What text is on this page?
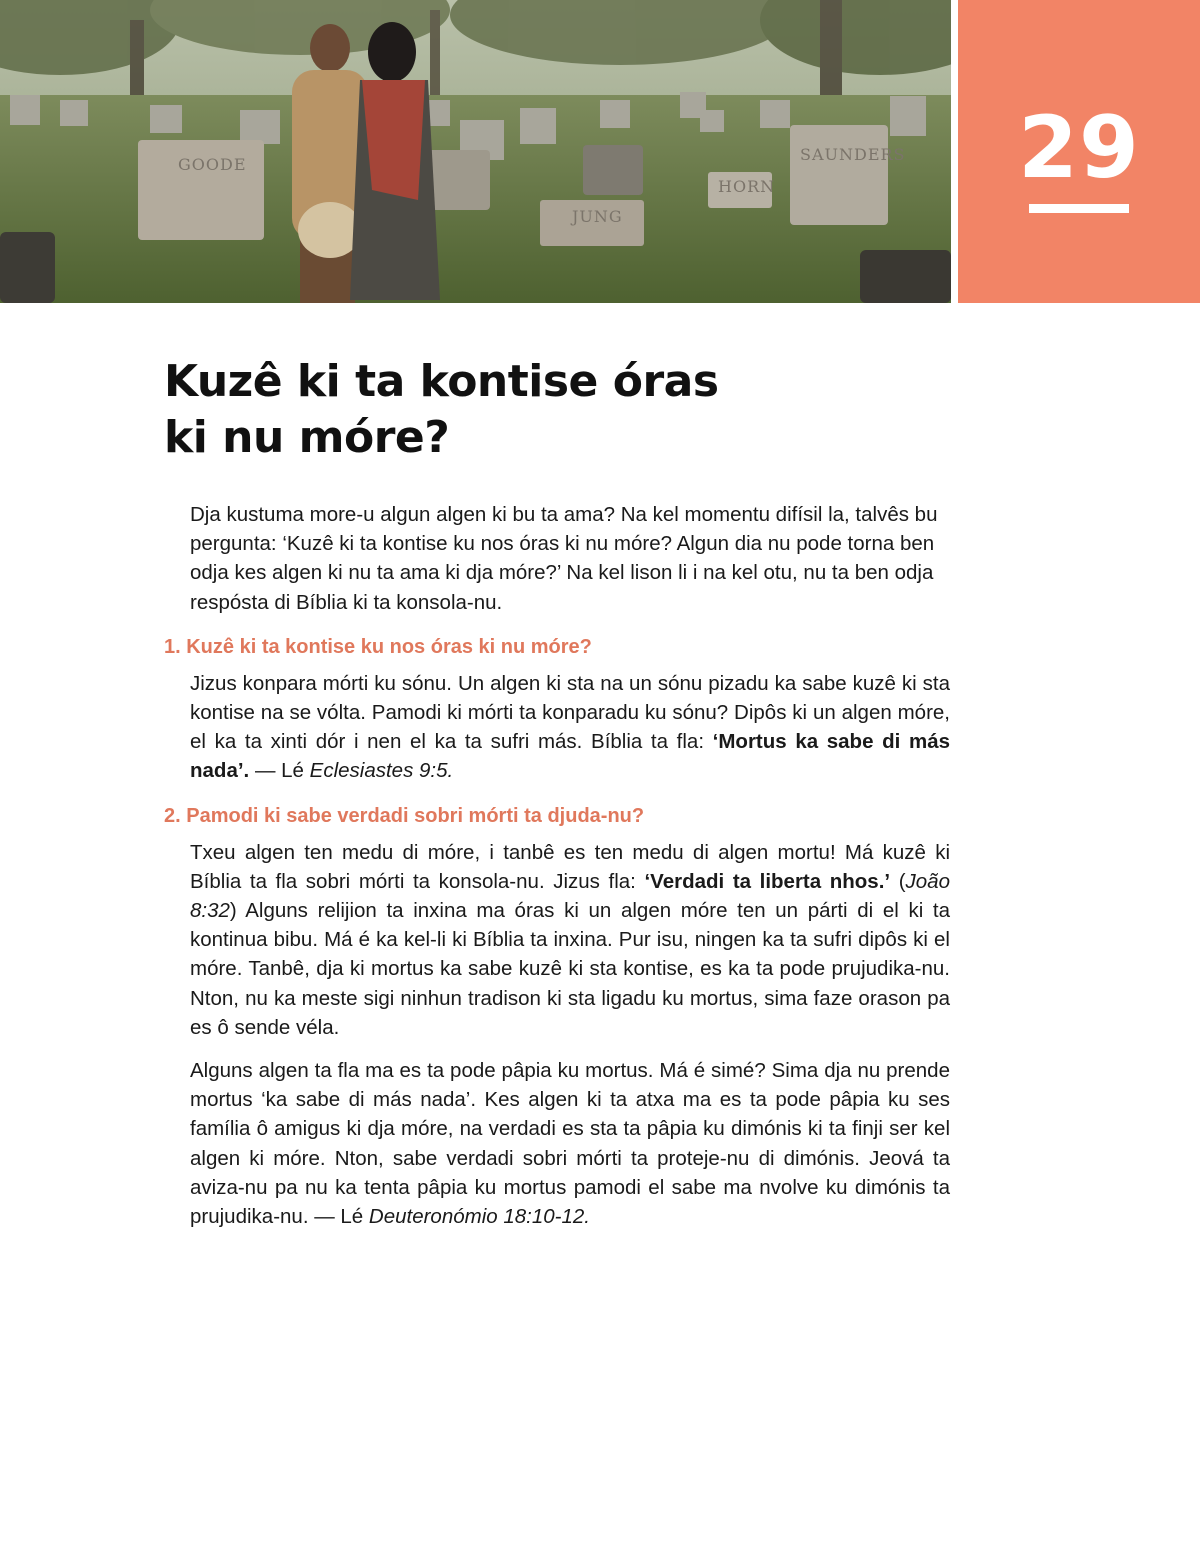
GOODE
SAUNDERS
JUNG
HORN	29
Kuzê ki ta kontise óras
ki nu móre?

Dja kustuma more-u algun algen ki bu ta ama? Na kel momentu difísil la, talvês bu pergunta: ‘Kuzê ki ta kontise ku nos óras ki nu móre? Algun dia nu pode torna ben odja kes algen ki nu ta ama ki dja móre?’ Na kel lison li i na kel otu, nu ta ben odja respósta di Bíblia ki ta konsola-nu.

1. Kuzê ki ta kontise ku nos óras ki nu móre?

Jizus konpara mórti ku sónu. Un algen ki sta na un sónu pizadu ka sabe kuzê ki sta kontise na se vólta. Pamodi ki mórti ta konparadu ku sónu? Dipôs ki un algen móre, el ka ta xinti dór i nen el ka ta sufri más. Bíblia ta fla: ‘Mortus ka sabe di más nada’. — Lé Eclesiastes 9:5.

2. Pamodi ki sabe verdadi sobri mórti ta djuda-nu?

Txeu algen ten medu di móre, i tanbê es ten medu di algen mortu! Má kuzê ki Bíblia ta fla sobri mórti ta konsola-nu. Jizus fla: ‘Verdadi ta liberta nhos.’ (João 8:32) Alguns relijion ta inxina ma óras ki un algen móre ten un párti di el ki ta kontinua bibu. Má é ka kel-li ki Bíblia ta inxina. Pur isu, ningen ka ta sufri dipôs ki el móre. Tanbê, dja ki mortus ka sabe kuzê ki sta kontise, es ka ta pode prujudika-nu. Nton, nu ka meste sigi ninhun tradison ki sta ligadu ku mortus, sima faze orason pa es ô sende véla.

Alguns algen ta fla ma es ta pode pâpia ku mortus. Má é simé? Sima dja nu prende mortus ‘ka sabe di más nada’. Kes algen ki ta atxa ma es ta pode pâpia ku ses família ô amigus ki dja móre, na verdadi es sta ta pâpia ku dimónis ki ta finji ser kel algen ki móre. Nton, sabe verdadi sobri mórti ta proteje-nu di dimónis. Jeová ta aviza-nu pa nu ka tenta pâpia ku mortus pamodi el sabe ma nvolve ku dimónis ta prujudika-nu. — Lé Deuteronómio 18:10-12.
